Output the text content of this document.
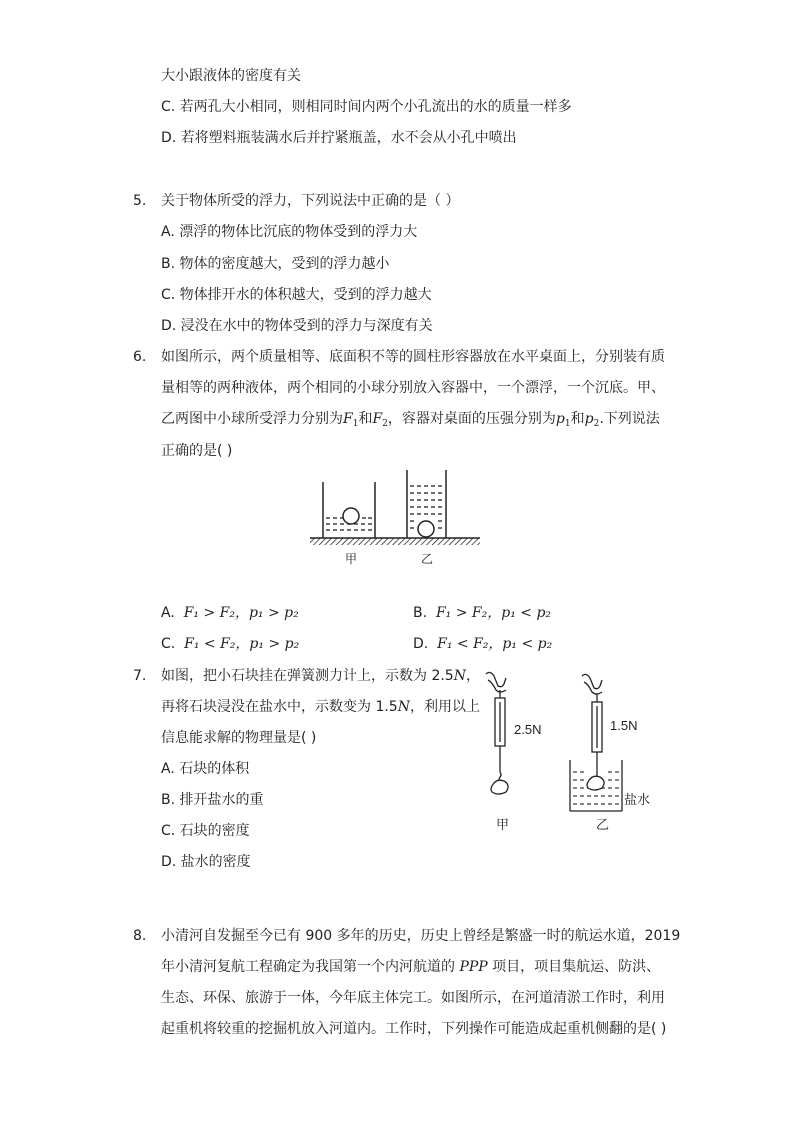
大小跟液体的密度有关
C. 若两孔大小相同，则相同时间内两个小孔流出的水的质量一样多
D. 若将塑料瓶装满水后并拧紧瓶盖，水不会从小孔中喷出
5. 关于物体所受的浮力，下列说法中正确的是（ ）
A. 漂浮的物体比沉底的物体受到的浮力大
B. 物体的密度越大，受到的浮力越小
C. 物体排开水的体积越大，受到的浮力越大
D. 浸没在水中的物体受到的浮力与深度有关
6. 如图所示，两个质量相等、底面积不等的圆柱形容器放在水平桌面上，分别装有质
量相等的两种液体，两个相同的小球分别放入容器中，一个漂浮，一个沉底。甲、
乙两图中小球所受浮力分别为$F_1$和$F_2$，容器对桌面的压强分别为$p_1$和$p_2$.下列说法
正确的是( )
甲	乙
A. F₁ > F₂，p₁ > p₂	B. F₁ > F₂，p₁ < p₂
C. F₁ < F₂，p₁ > p₂	D. F₁ < F₂，p₁ < p₂
7. 如图，把小石块挂在弹簧测力计上，示数为 2.5N，
再将石块浸没在盐水中，示数变为 1.5N，利用以上
信息能求解的物理量是( )
A. 石块的体积
B. 排开盐水的重
C. 石块的密度
D. 盐水的密度
2.5N
甲
1.5N
盐水
乙
8. 小清河自发掘至今已有 900 多年的历史，历史上曾经是繁盛一时的航运水道，2019
年小清河复航工程确定为我国第一个内河航道的 PPP 项目，项目集航运、防洪、
生态、环保、旅游于一体，今年底主体完工。如图所示，在河道清淤工作时，利用
起重机将较重的挖掘机放入河道内。工作时，下列操作可能造成起重机侧翻的是( )
